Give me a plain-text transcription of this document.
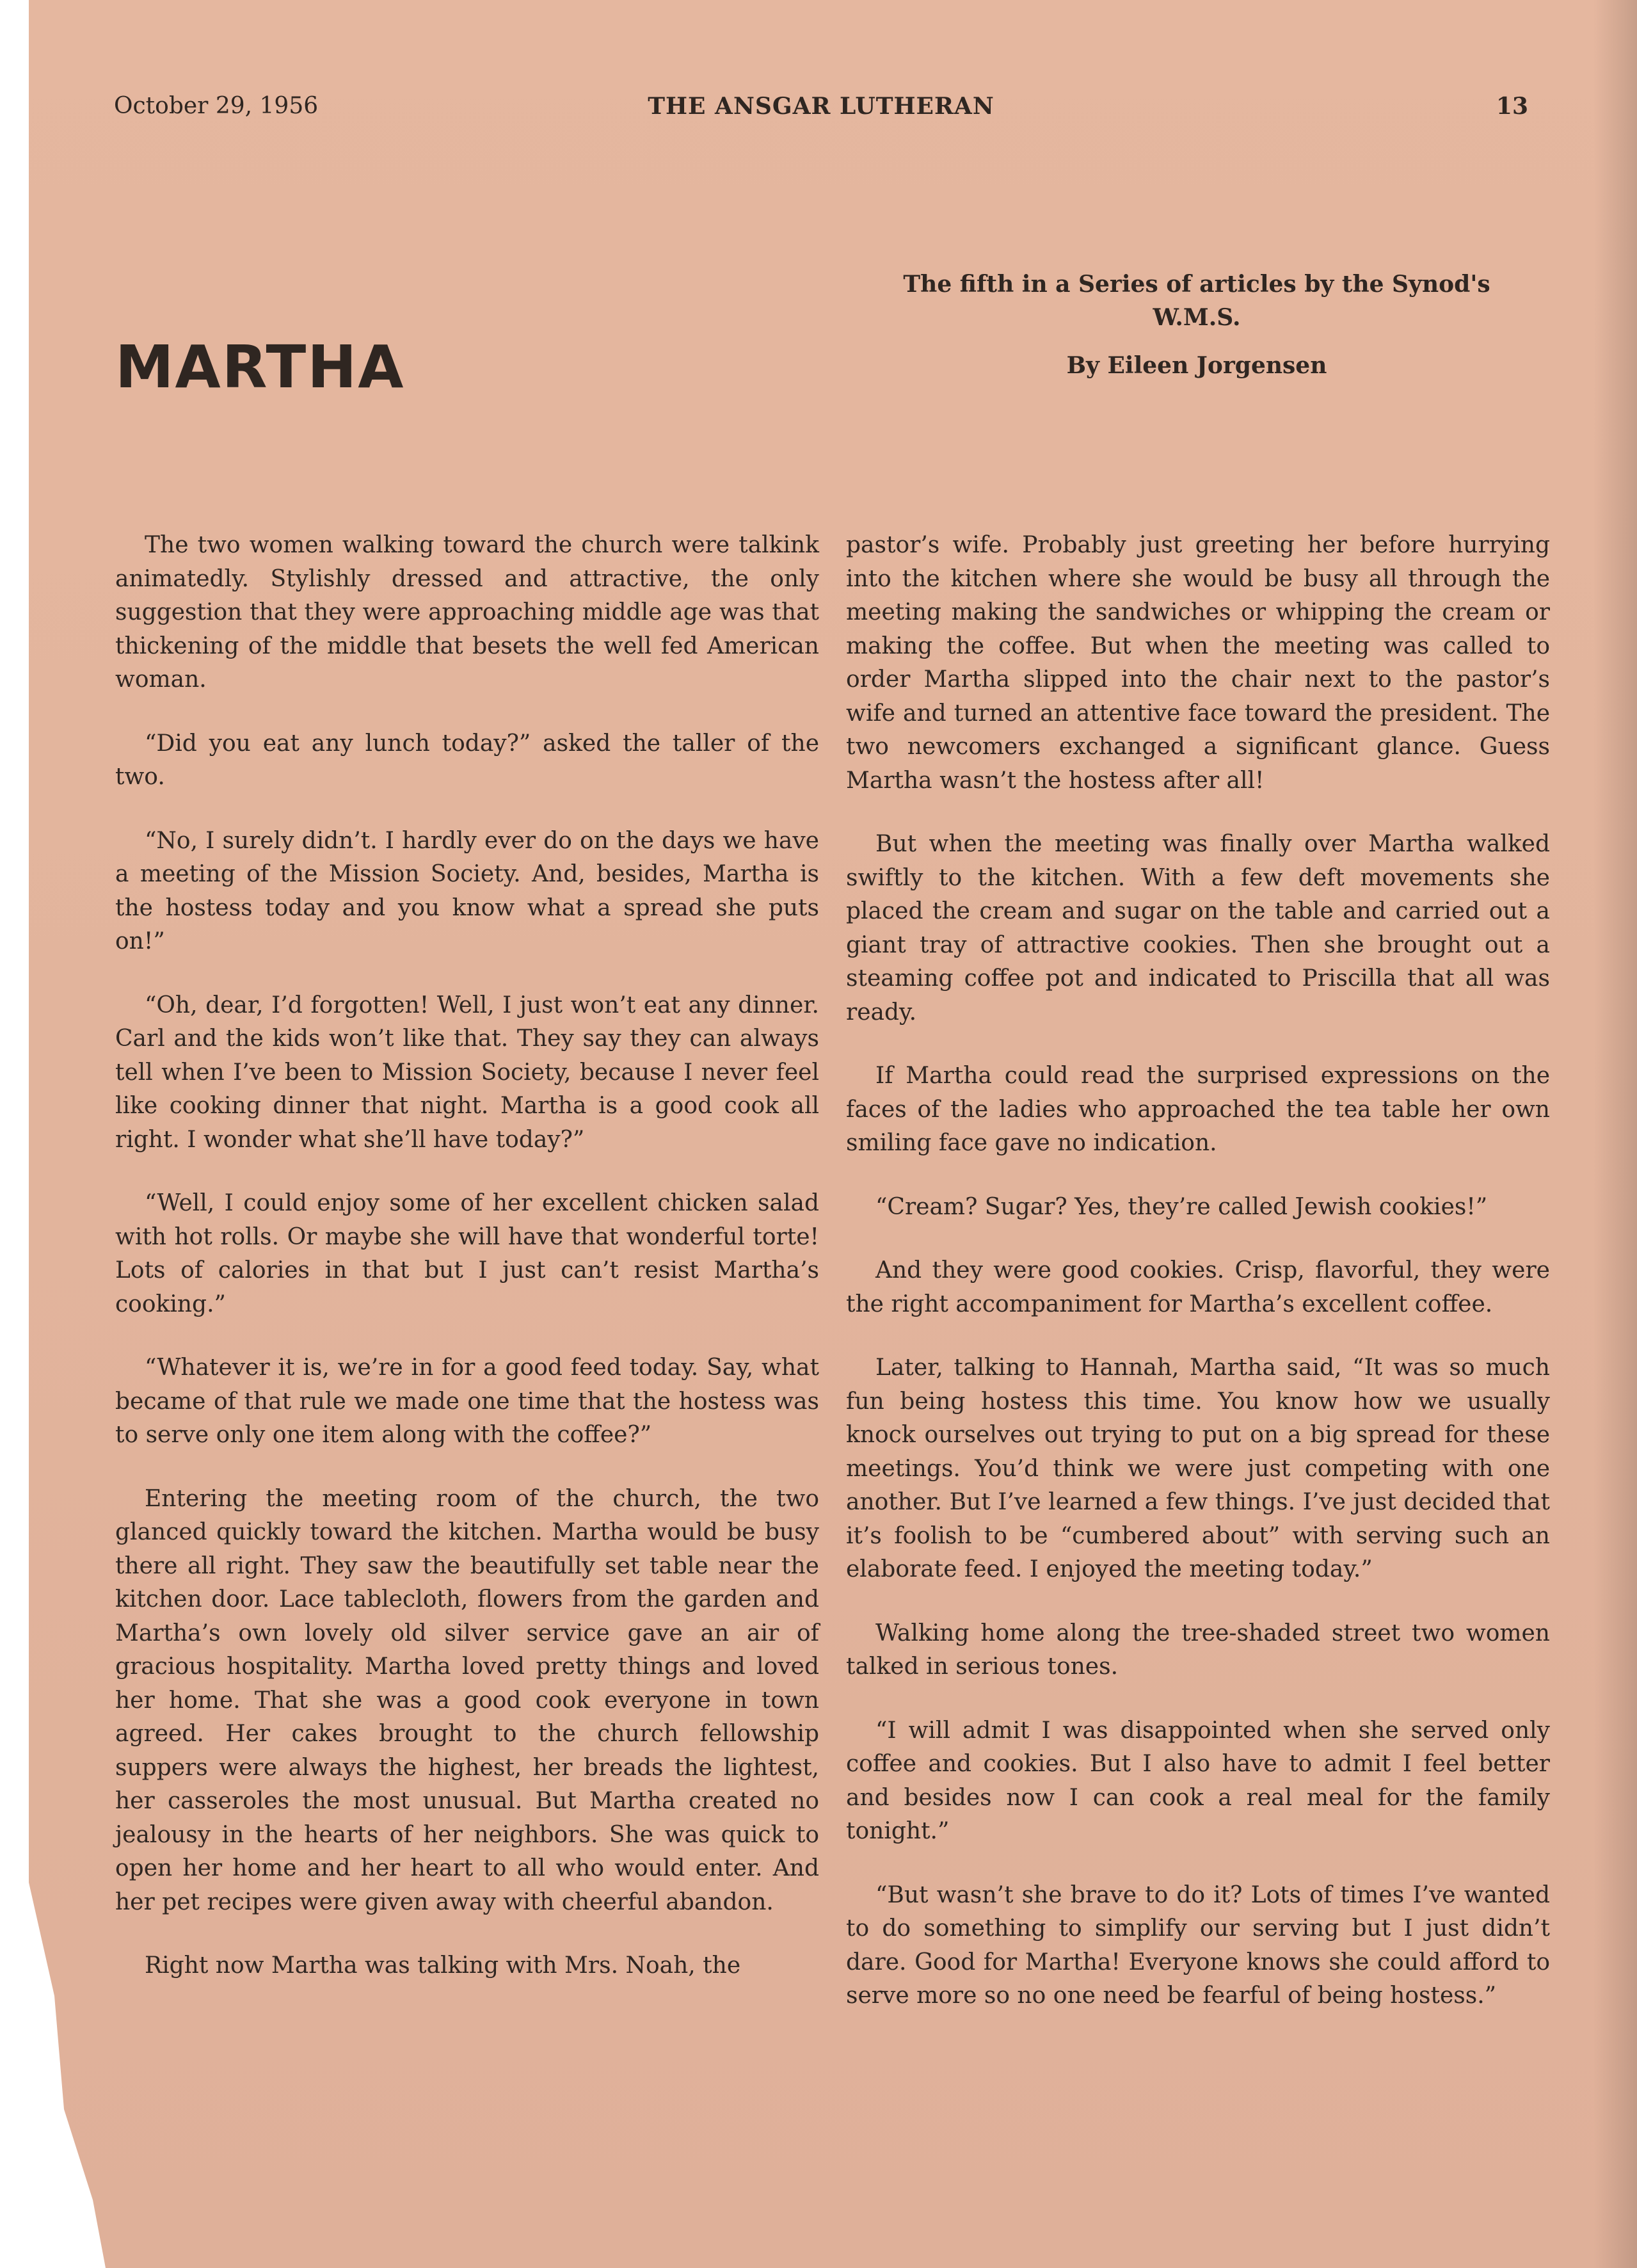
October 29, 1956	THE ANSGAR LUTHERAN	13
MARTHA
The fifth in a Series of articles by the Synod's W.M.S.
By Eileen Jorgensen

The two women walking toward the church were talkink animatedly. Stylishly dressed and attractive, the only suggestion that they were approaching middle age was that thickening of the middle that besets the well fed American woman.

“Did you eat any lunch today?” asked the taller of the two.

“No, I surely didn’t. I hardly ever do on the days we have a meeting of the Mission Society. And, besides, Martha is the hostess today and you know what a spread she puts on!”

“Oh, dear, I’d forgotten! Well, I just won’t eat any dinner. Carl and the kids won’t like that. They say they can always tell when I’ve been to Mission Society, because I never feel like cooking dinner that night. Martha is a good cook all right. I wonder what she’ll have today?”

“Well, I could enjoy some of her excellent chicken salad with hot rolls. Or maybe she will have that wonderful torte! Lots of calories in that but I just can’t resist Martha’s cooking.”

“Whatever it is, we’re in for a good feed today. Say, what became of that rule we made one time that the hostess was to serve only one item along with the coffee?”

Entering the meeting room of the church, the two glanced quickly toward the kitchen. Martha would be busy there all right. They saw the beautifully set table near the kitchen door. Lace tablecloth, flowers from the garden and Martha’s own lovely old silver service gave an air of gracious hospitality. Martha loved pretty things and loved her home. That she was a good cook everyone in town agreed. Her cakes brought to the church fellowship suppers were always the highest, her breads the lightest, her casseroles the most unusual. But Martha created no jealousy in the hearts of her neighbors. She was quick to open her home and her heart to all who would enter. And her pet recipes were given away with cheerful abandon.

Right now Martha was talking with Mrs. Noah, the

pastor’s wife. Probably just greeting her before hurrying into the kitchen where she would be busy all through the meeting making the sandwiches or whipping the cream or making the coffee. But when the meeting was called to order Martha slipped into the chair next to the pastor’s wife and turned an attentive face toward the president. The two newcomers exchanged a significant glance. Guess Martha wasn’t the hostess after all!

But when the meeting was finally over Martha walked swiftly to the kitchen. With a few deft movements she placed the cream and sugar on the table and carried out a giant tray of attractive cookies. Then she brought out a steaming coffee pot and indicated to Priscilla that all was ready.

If Martha could read the surprised expressions on the faces of the ladies who approached the tea table her own smiling face gave no indication.

“Cream? Sugar? Yes, they’re called Jewish cookies!”

And they were good cookies. Crisp, flavorful, they were the right accompaniment for Martha’s excellent coffee.

Later, talking to Hannah, Martha said, “It was so much fun being hostess this time. You know how we usually knock ourselves out trying to put on a big spread for these meetings. You’d think we were just competing with one another. But I’ve learned a few things. I’ve just decided that it’s foolish to be “cumbered about” with serving such an elaborate feed. I enjoyed the meeting today.”

Walking home along the tree-shaded street two women talked in serious tones.

“I will admit I was disappointed when she served only coffee and cookies. But I also have to admit I feel better and besides now I can cook a real meal for the family tonight.”

“But wasn’t she brave to do it? Lots of times I’ve wanted to do something to simplify our serving but I just didn’t dare. Good for Martha! Everyone knows she could afford to serve more so no one need be fearful of being hostess.”
